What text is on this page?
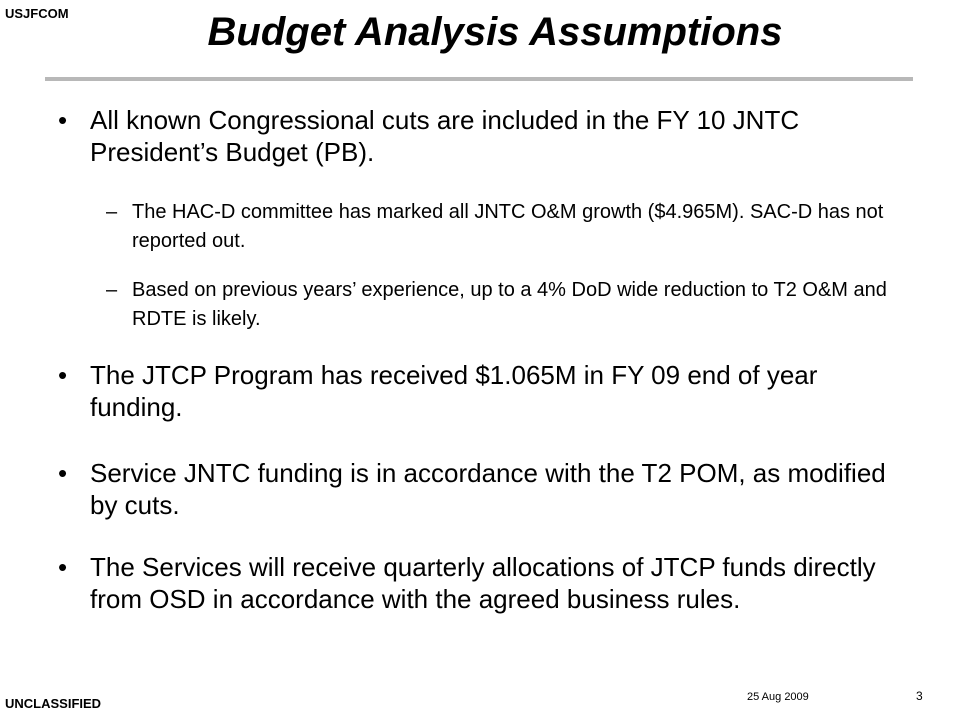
USJFCOM	Budget Analysis Assumptions
• All known Congressional cuts are included in the FY 10 JNTC President’s Budget (PB).
– The HAC-D committee has marked all JNTC O&M growth ($4.965M). SAC-D has not reported out.
– Based on previous years’ experience, up to a 4% DoD wide reduction to T2 O&M and RDTE is likely.
• The JTCP Program has received $1.065M in FY 09 end of year funding.
• Service JNTC funding is in accordance with the T2 POM, as modified by cuts.
• The Services will receive quarterly allocations of JTCP funds directly from OSD in accordance with the agreed business rules.
UNCLASSIFIED	25 Aug 2009	3
